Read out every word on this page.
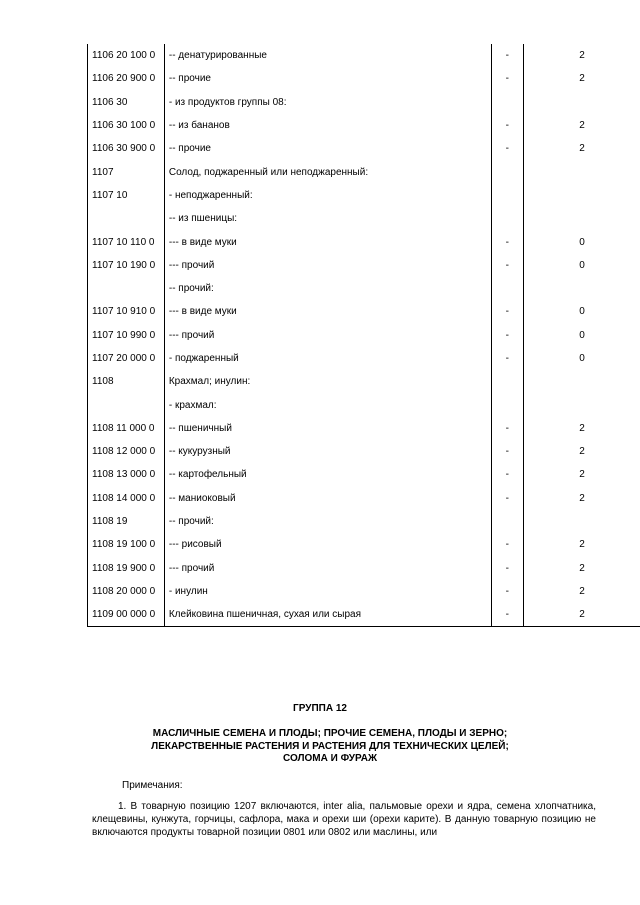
1106 20 100 0	-- денатурированные	-	2
1106 20 900 0	-- прочие	-	2
1106 30	- из продуктов группы 08:		
1106 30 100 0	-- из бананов	-	2
1106 30 900 0	-- прочие	-	2
1107	Солод, поджаренный или неподжаренный:		
1107 10	- неподжаренный:		
	-- из пшеницы:		
1107 10 110 0	--- в виде муки	-	0
1107 10 190 0	--- прочий	-	0
	-- прочий:		
1107 10 910 0	--- в виде муки	-	0
1107 10 990 0	--- прочий	-	0
1107 20 000 0	- поджаренный	-	0
1108	Крахмал; инулин:		
	- крахмал:		
1108 11 000 0	-- пшеничный	-	2
1108 12 000 0	-- кукурузный	-	2
1108 13 000 0	-- картофельный	-	2
1108 14 000 0	-- маниоковый	-	2
1108 19	-- прочий:		
1108 19 100 0	--- рисовый	-	2
1108 19 900 0	--- прочий	-	2
1108 20 000 0	- инулин	-	2
1109 00 000 0	Клейковина пшеничная, сухая или сырая	-	2
ГРУППА 12
МАСЛИЧНЫЕ СЕМЕНА И ПЛОДЫ; ПРОЧИЕ СЕМЕНА, ПЛОДЫ И ЗЕРНО;
ЛЕКАРСТВЕННЫЕ РАСТЕНИЯ И РАСТЕНИЯ ДЛЯ ТЕХНИЧЕСКИХ ЦЕЛЕЙ;
СОЛОМА И ФУРАЖ
Примечания:
1. В товарную позицию 1207 включаются, inter alia, пальмовые орехи и ядра, семена хлопчатника, клещевины, кунжута, горчицы, сафлора, мака и орехи ши (орехи карите). В данную товарную позицию не включаются продукты товарной позиции 0801 или 0802 или маслины, или
